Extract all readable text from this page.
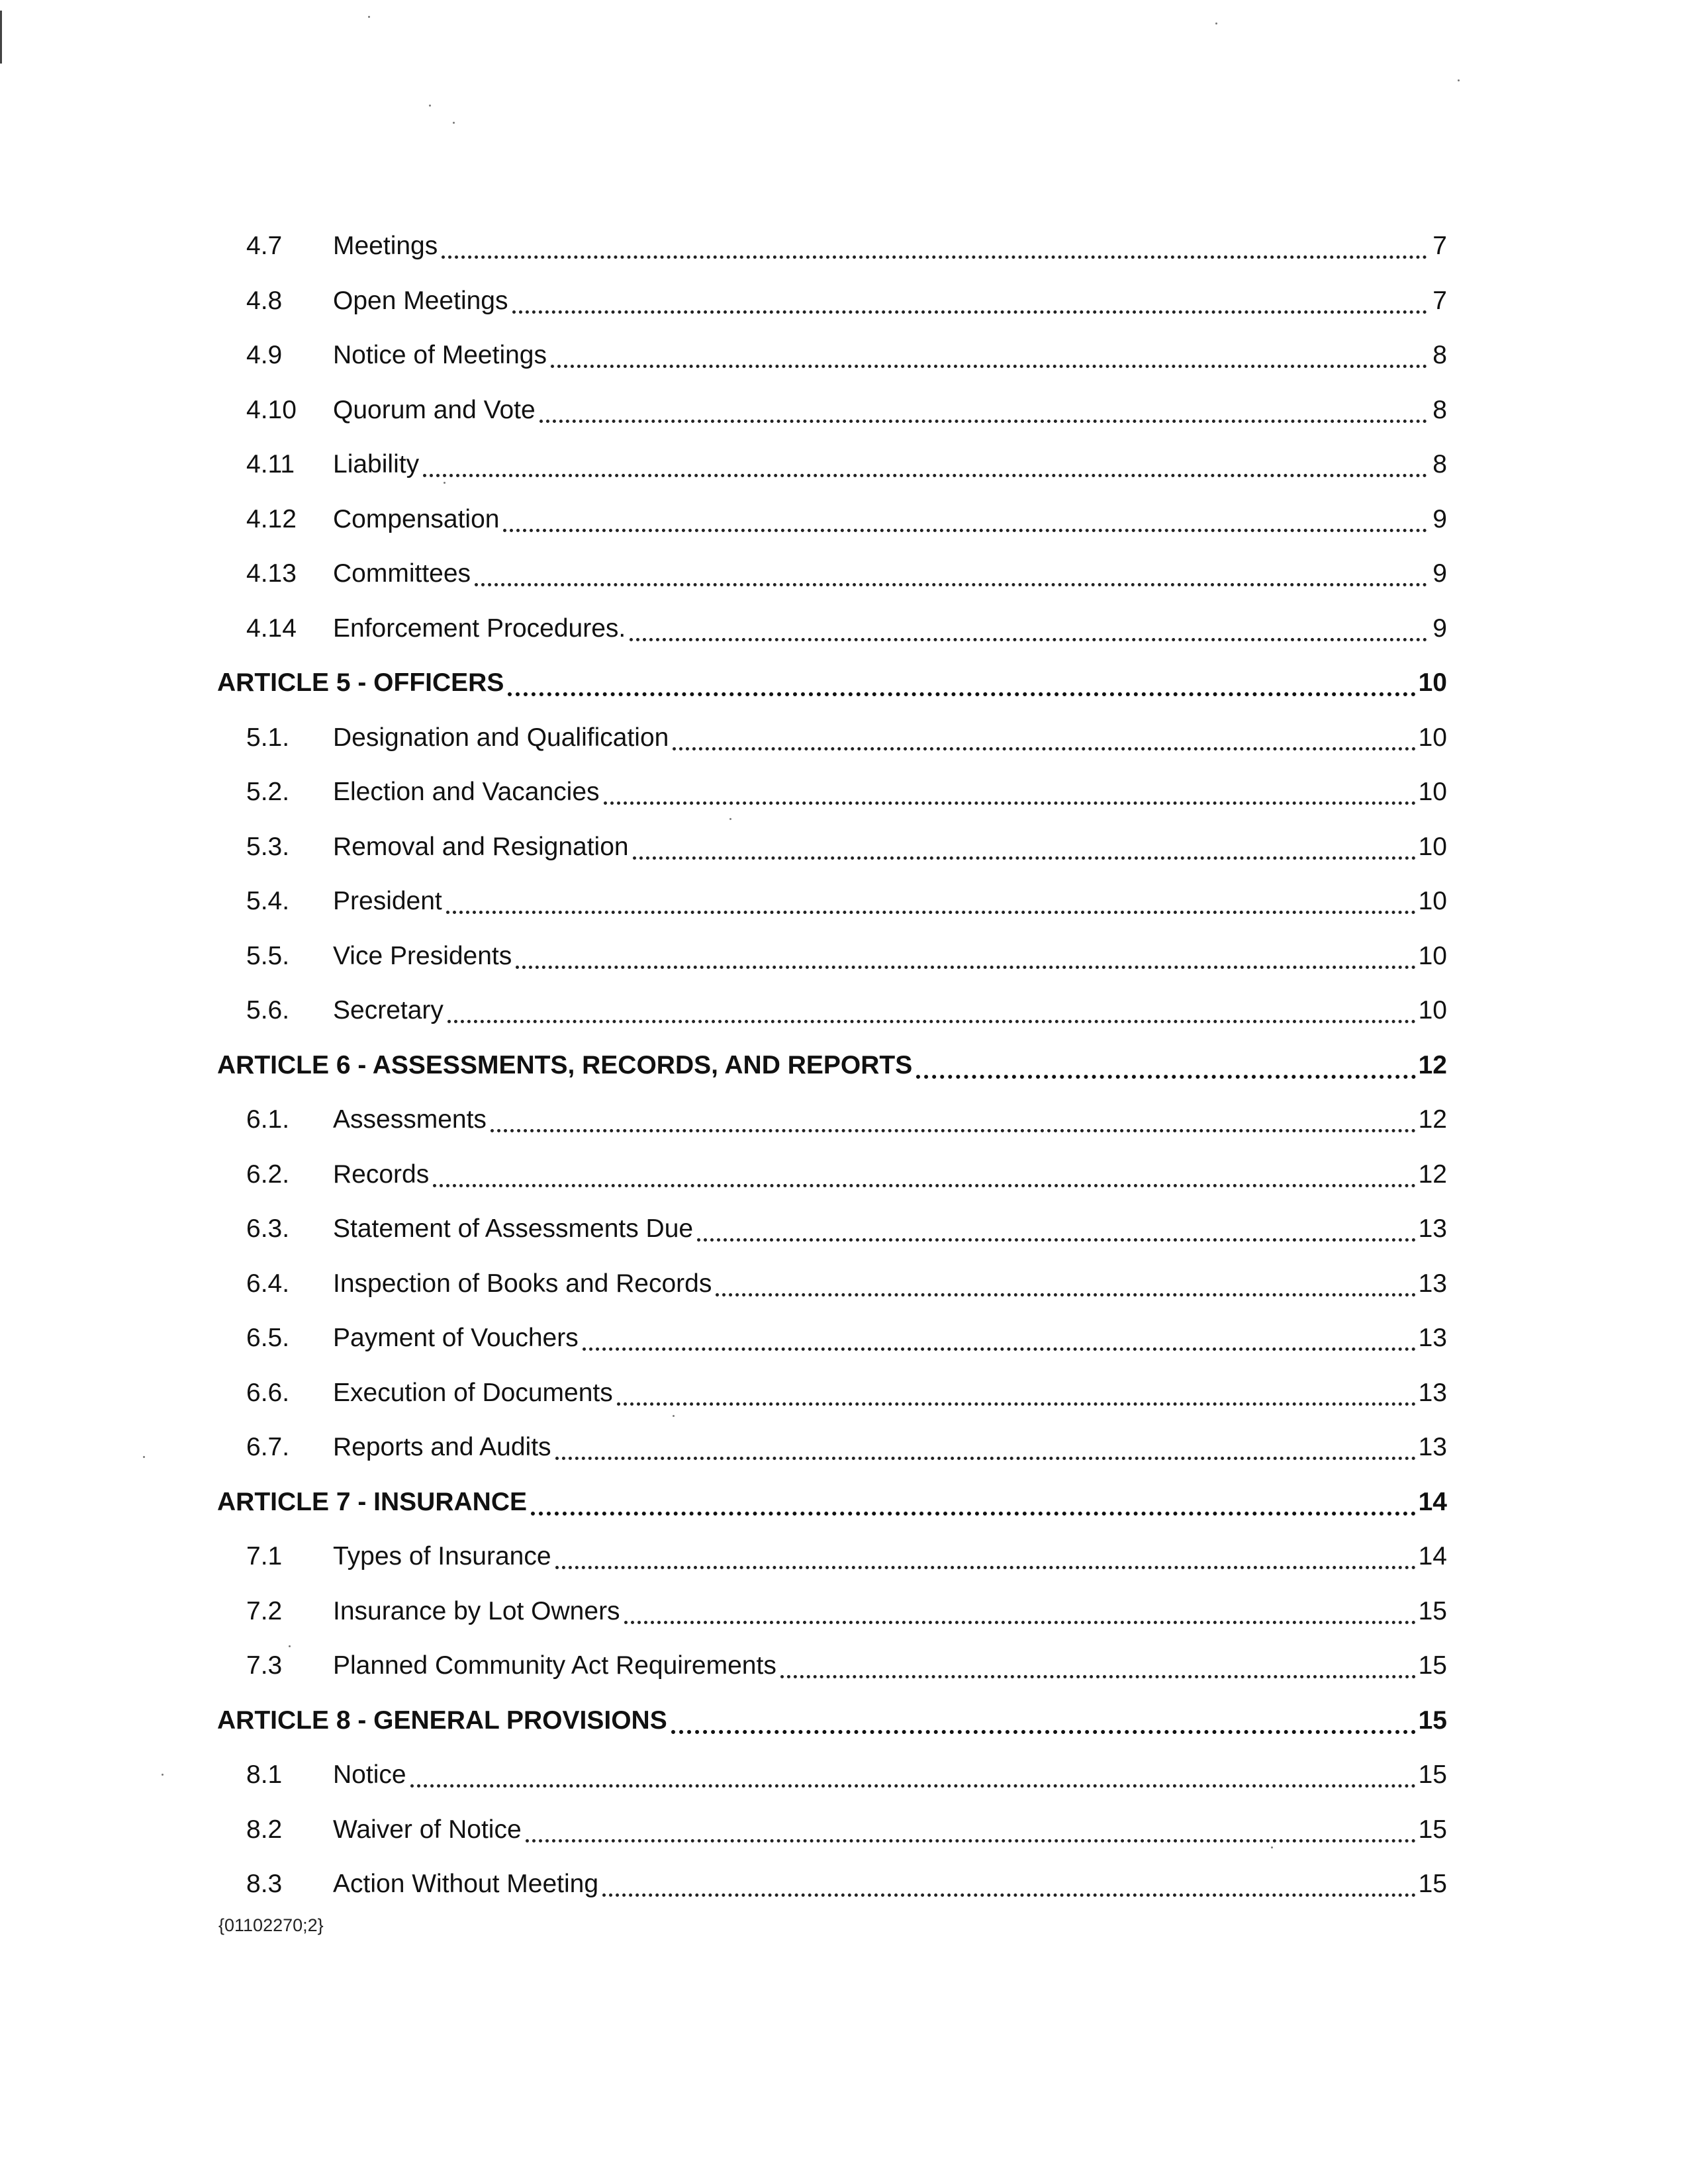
4.7	Meetings	7
4.8	Open Meetings	7
4.9	Notice of Meetings	8
4.10	Quorum and Vote	8
4.11	Liability	8
4.12	Compensation	9
4.13	Committees	9
4.14	Enforcement Procedures.	9
ARTICLE 5 - OFFICERS	10
5.1.	Designation and Qualification	10
5.2.	Election and Vacancies	10
5.3.	Removal and Resignation	10
5.4.	President	10
5.5.	Vice Presidents	10
5.6.	Secretary	10
ARTICLE 6 - ASSESSMENTS, RECORDS, AND REPORTS	12
6.1.	Assessments	12
6.2.	Records	12
6.3.	Statement of Assessments Due	13
6.4.	Inspection of Books and Records	13
6.5.	Payment of Vouchers	13
6.6.	Execution of Documents	13
6.7.	Reports and Audits	13
ARTICLE 7 - INSURANCE	14
7.1	Types of Insurance	14
7.2	Insurance by Lot Owners	15
7.3	Planned Community Act Requirements	15
ARTICLE 8 - GENERAL PROVISIONS	15
8.1	Notice	15
8.2	Waiver of Notice	15
8.3	Action Without Meeting	15
{01102270;2}
